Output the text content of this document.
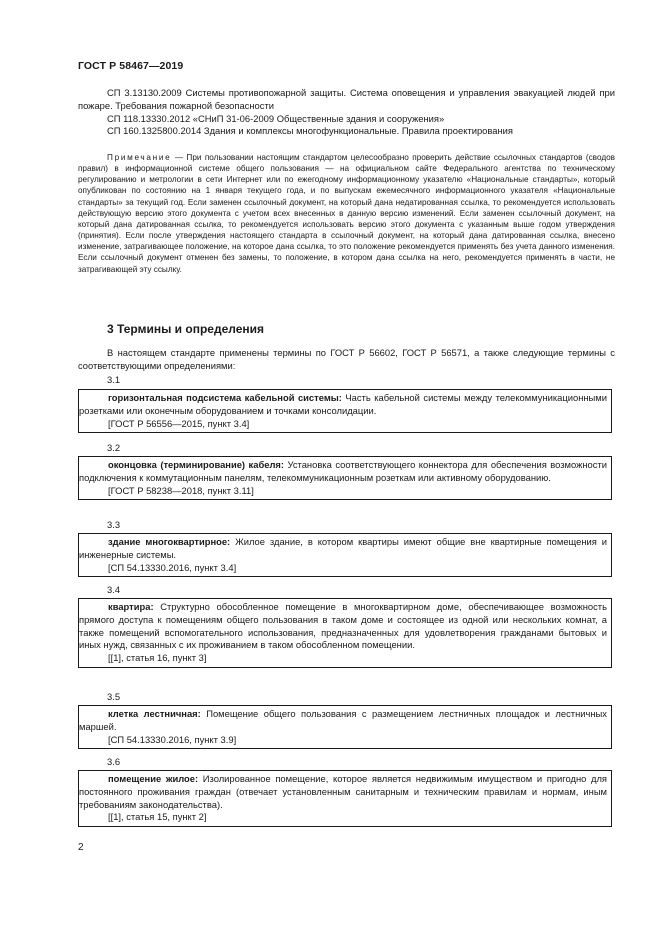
ГОСТ Р 58467—2019

СП 3.13130.2009 Системы противопожарной защиты. Система оповещения и управления эвакуацией людей при пожаре. Требования пожарной безопасности

СП 118.13330.2012 «СНиП 31-06-2009 Общественные здания и сооружения»

СП 160.1325800.2014 Здания и комплексы многофункциональные. Правила проектирования

Примечание — При пользовании настоящим стандартом целесообразно проверить действие ссылочных стандартов (сводов правил) в информационной системе общего пользования — на официальном сайте Федерального агентства по техническому регулированию и метрологии в сети Интернет или по ежегодному информационному указателю «Национальные стандарты», который опубликован по состоянию на 1 января текущего года, и по выпускам ежемесячного информационного указателя «Национальные стандарты» за текущий год. Если заменен ссылочный документ, на который дана недатированная ссылка, то рекомендуется использовать действующую версию этого документа с учетом всех внесенных в данную версию изменений. Если заменен ссылочный документ, на который дана датированная ссылка, то рекомендуется использовать версию этого документа с указанным выше годом утверждения (принятия). Если после утверждения настоящего стандарта в ссылочный документ, на который дана датированная ссылка, внесено изменение, затрагивающее положение, на которое дана ссылка, то это положение рекомендуется применять без учета данного изменения. Если ссылочный документ отменен без замены, то положение, в котором дана ссылка на него, рекомендуется применять в части, не затрагивающей эту ссылку.
3 Термины и определения
В настоящем стандарте применены термины по ГОСТ Р 56602, ГОСТ Р 56571, а также следующие термины с соответствующими определениями:
3.1

горизонтальная подсистема кабельной системы: Часть кабельной системы между телекоммуникационными розетками или оконечным оборудованием и точками консолидации.

[ГОСТ Р 56556—2015, пункт 3.4]

3.2

оконцовка (терминирование) кабеля: Установка соответствующего коннектора для обеспечения возможности подключения к коммутационным панелям, телекоммуникационным розеткам или активному оборудованию.

[ГОСТ Р 58238—2018, пункт 3.11]

3.3

здание многоквартирное: Жилое здание, в котором квартиры имеют общие вне квартирные помещения и инженерные системы.

[СП 54.13330.2016, пункт 3.4]

3.4

квартира: Структурно обособленное помещение в многоквартирном доме, обеспечивающее возможность прямого доступа к помещениям общего пользования в таком доме и состоящее из одной или нескольких комнат, а также помещений вспомогательного использования, предназначенных для удовлетворения гражданами бытовых и иных нужд, связанных с их проживанием в таком обособленном помещении.

[[1], статья 16, пункт 3]

3.5

клетка лестничная: Помещение общего пользования с размещением лестничных площадок и лестничных маршей.

[СП 54.13330.2016, пункт 3.9]

3.6

помещение жилое: Изолированное помещение, которое является недвижимым имуществом и пригодно для постоянного проживания граждан (отвечает установленным санитарным и техническим правилам и нормам, иным требованиям законодательства).

[[1], статья 15, пункт 2]

2
